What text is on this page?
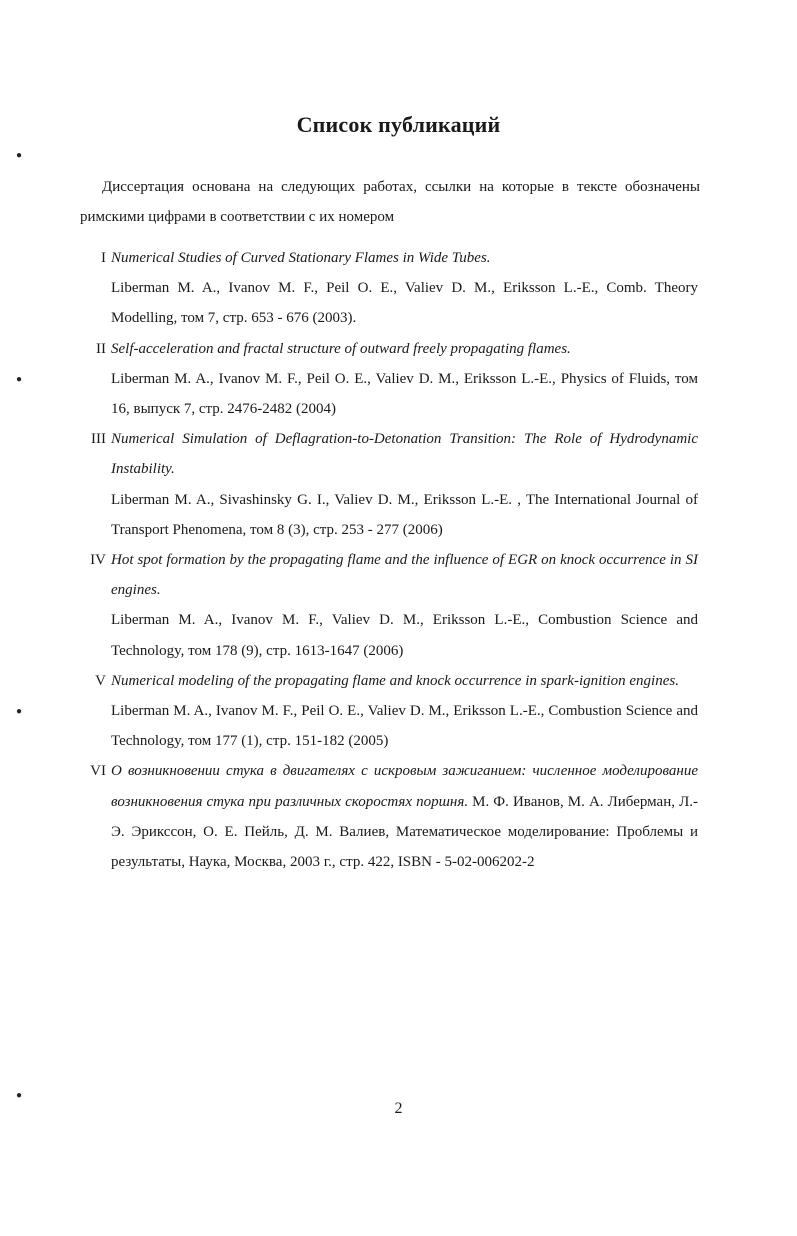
●
●
●
●
Список публикаций

Диссертация основана на следующих работах, ссылки на которые в тексте обозначены римскими цифрами в соответствии с их номером

I Numerical Studies of Curved Stationary Flames in Wide Tubes.
Liberman M. A., Ivanov M. F., Peil O. E., Valiev D. M., Eriksson L.-E., Comb. Theory Modelling, том 7, стр. 653 - 676 (2003).
II Self-acceleration and fractal structure of outward freely propagating flames.
Liberman M. A., Ivanov M. F., Peil O. E., Valiev D. M., Eriksson L.-E., Physics of Fluids, том 16, выпуск 7, стр. 2476-2482 (2004)
III Numerical Simulation of Deflagration-to-Detonation Transition: The Role of Hydrodynamic Instability.
Liberman M. A., Sivashinsky G. I., Valiev D. M., Eriksson L.-E. , The International Journal of Transport Phenomena, том 8 (3), стр. 253 - 277 (2006)
IV Hot spot formation by the propagating flame and the influence of EGR on knock occurrence in SI engines.
Liberman M. A., Ivanov M. F., Valiev D. M., Eriksson L.-E., Combustion Science and Technology, том 178 (9), стр. 1613-1647 (2006)
V Numerical modeling of the propagating flame and knock occurrence in spark-ignition engines.
Liberman M. A., Ivanov M. F., Peil O. E., Valiev D. M., Eriksson L.-E., Combustion Science and Technology, том 177 (1), стр. 151-182 (2005)
VI О возникновении стука в двигателях с искровым зажиганием: численное моделирование возникновения стука при различных скоростях поршня. М. Ф. Иванов, М. А. Либерман, Л.-Э. Эрикссон, О. Е. Пейль, Д. М. Валиев, Математическое моделирование: Проблемы и результаты, Наука, Москва, 2003 г., стр. 422, ISBN - 5-02-006202-2
2
